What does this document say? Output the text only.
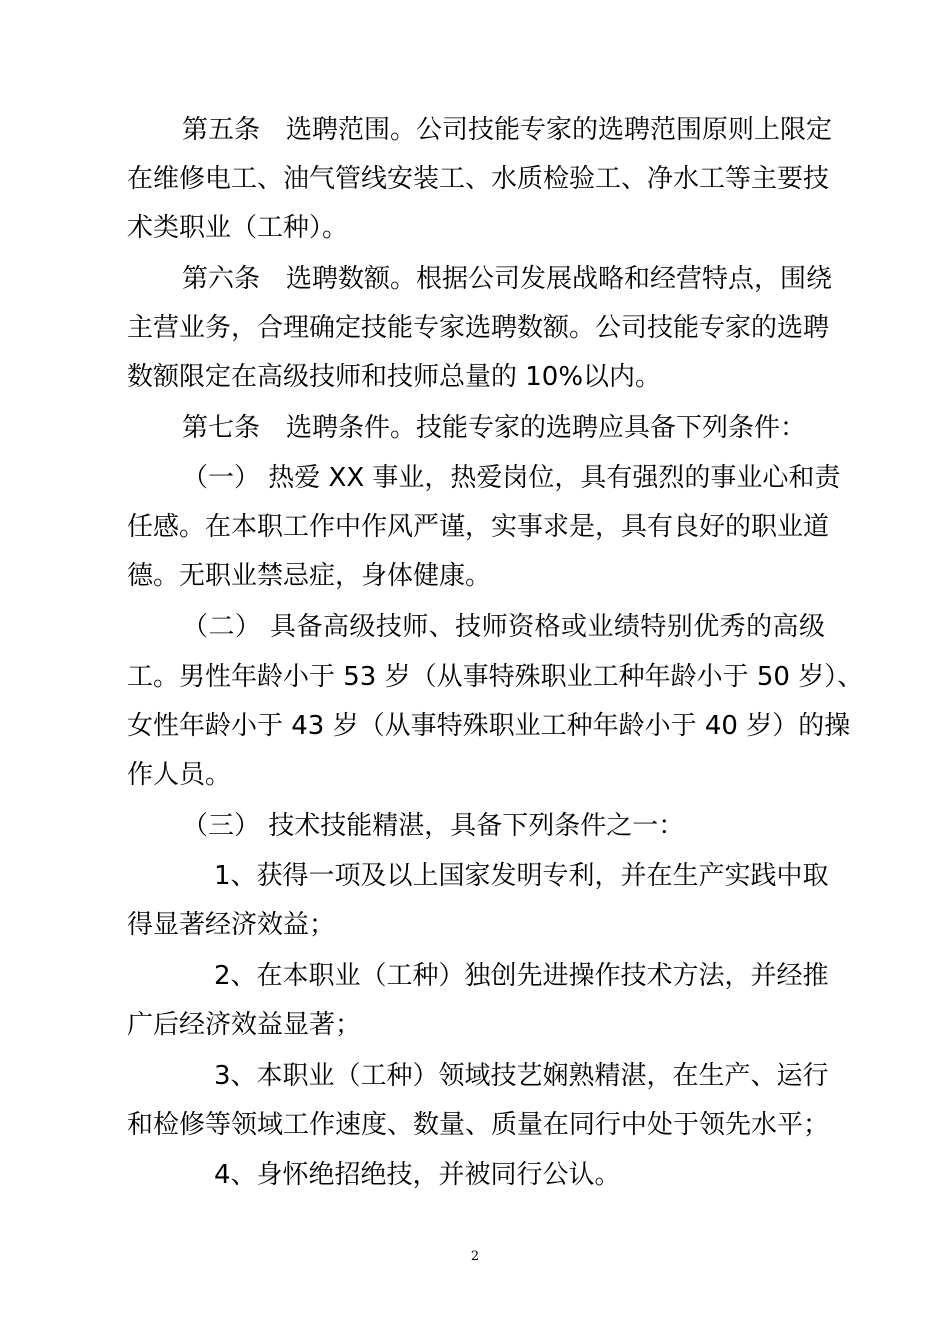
第五条　选聘范围。公司技能专家的选聘范围原则上限定
在维修电工、油气管线安装工、水质检验工、净水工等主要技
术类职业（工种）。
第六条　选聘数额。根据公司发展战略和经营特点，围绕
主营业务，合理确定技能专家选聘数额。公司技能专家的选聘
数额限定在高级技师和技师总量的 10%以内。
第七条　选聘条件。技能专家的选聘应具备下列条件：
（一） 热爱 XX 事业，热爱岗位，具有强烈的事业心和责
任感。在本职工作中作风严谨，实事求是，具有良好的职业道
德。无职业禁忌症，身体健康。
（二） 具备高级技师、技师资格或业绩特别优秀的高级
工。男性年龄小于 53 岁（从事特殊职业工种年龄小于 50 岁）、
女性年龄小于 43 岁（从事特殊职业工种年龄小于 40 岁）的操
作人员。
（三） 技术技能精湛，具备下列条件之一：
1、获得一项及以上国家发明专利，并在生产实践中取
得显著经济效益；
2、在本职业（工种）独创先进操作技术方法，并经推
广后经济效益显著；
3、本职业（工种）领域技艺娴熟精湛，在生产、运行
和检修等领域工作速度、数量、质量在同行中处于领先水平；
4、身怀绝招绝技，并被同行公认。
2
